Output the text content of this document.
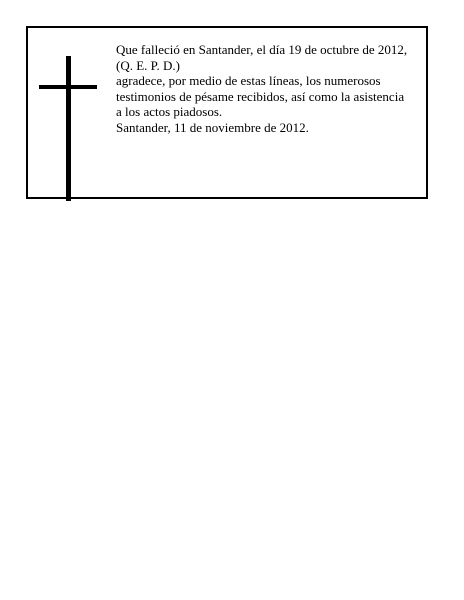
Que falleció en Santander, el día 19 de octubre de 2012,
(Q. E. P. D.)
agradece, por medio de estas líneas, los numerosos
testimonios de pésame recibidos, así como la asistencia
a los actos piadosos.
Santander, 11 de noviembre de 2012.
